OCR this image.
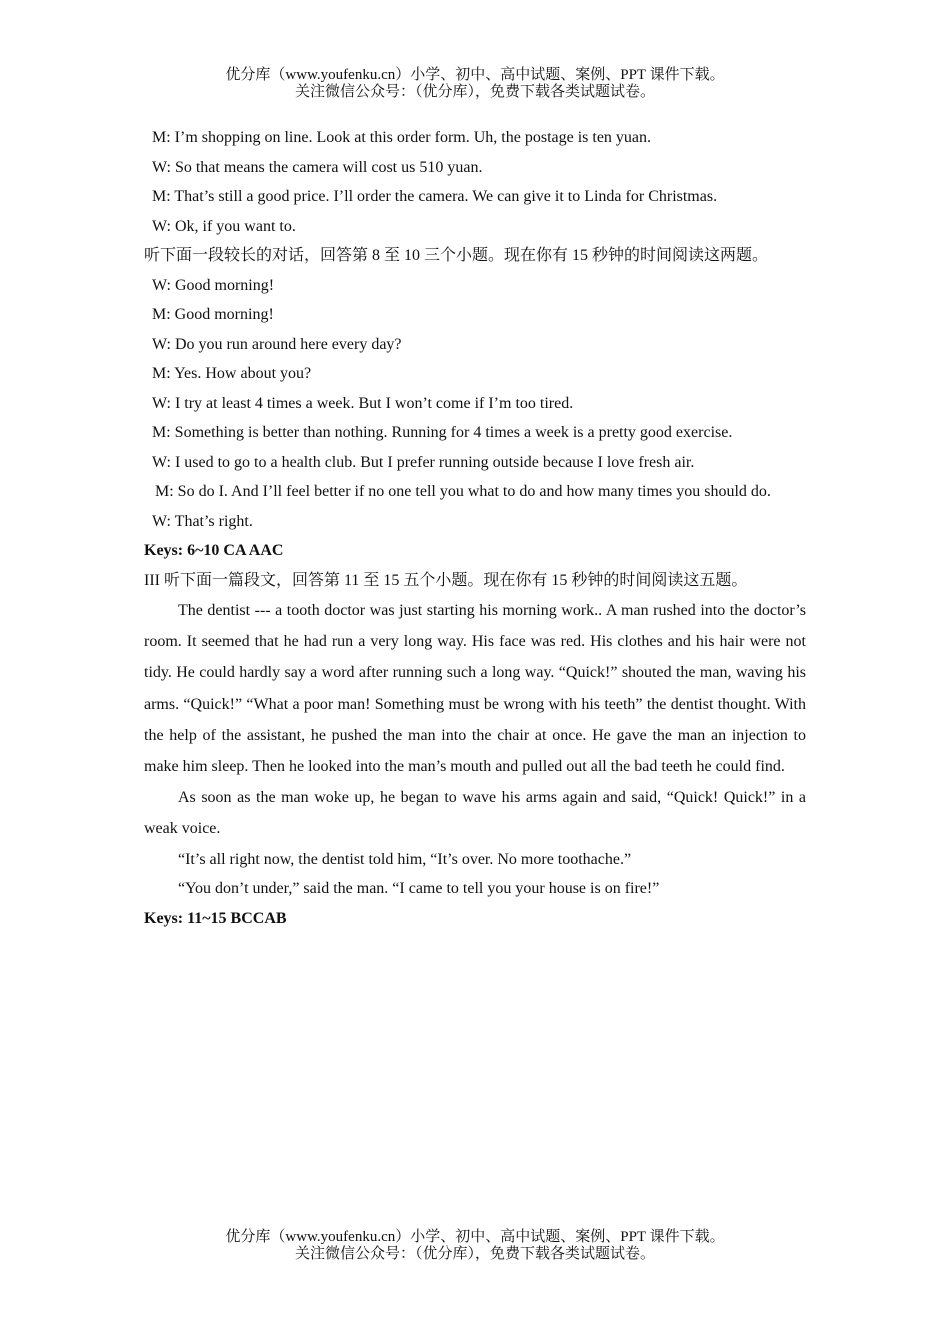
优分库（www.youfenku.cn）小学、初中、高中试题、案例、PPT 课件下载。
关注微信公众号：（优分库），免费下载各类试题试卷。
M: I’m shopping on line. Look at this order form. Uh, the postage is ten yuan.
W: So that means the camera will cost us 510 yuan.
M: That’s still a good price. I’ll order the camera. We can give it to Linda for Christmas.
W: Ok, if you want to.
听下面一段较长的对话，回答第 8 至 10 三个小题。现在你有 15 秒钟的时间阅读这两题。
W: Good morning!
M: Good morning!
W: Do you run around here every day?
M: Yes. How about you?
W: I try at least 4 times a week. But I won’t come if I’m too tired.
M: Something is better than nothing. Running for 4 times a week is a pretty good exercise.
W: I used to go to a health club. But I prefer running outside because I love fresh air.
M: So do I. And I’ll feel better if no one tell you what to do and how many times you should do.
W: That’s right.
Keys: 6~10 CA AAC
III 听下面一篇段文，回答第 11 至 15 五个小题。现在你有 15 秒钟的时间阅读这五题。

The dentist --- a tooth doctor was just starting his morning work.. A man rushed into the doctor’s room. It seemed that he had run a very long way. His face was red. His clothes and his hair were not tidy. He could hardly say a word after running such a long way. “Quick!” shouted the man, waving his arms. “Quick!” “What a poor man! Something must be wrong with his teeth” the dentist thought. With the help of the assistant, he pushed the man into the chair at once. He gave the man an injection to make him sleep. Then he looked into the man’s mouth and pulled out all the bad teeth he could find.

As soon as the man woke up, he began to wave his arms again and said, “Quick! Quick!” in a weak voice.

“It’s all right now, the dentist told him, “It’s over. No more toothache.”

“You don’t under,” said the man. “I came to tell you your house is on fire!”

Keys: 11~15 BCCAB
优分库（www.youfenku.cn）小学、初中、高中试题、案例、PPT 课件下载。
关注微信公众号：（优分库），免费下载各类试题试卷。
